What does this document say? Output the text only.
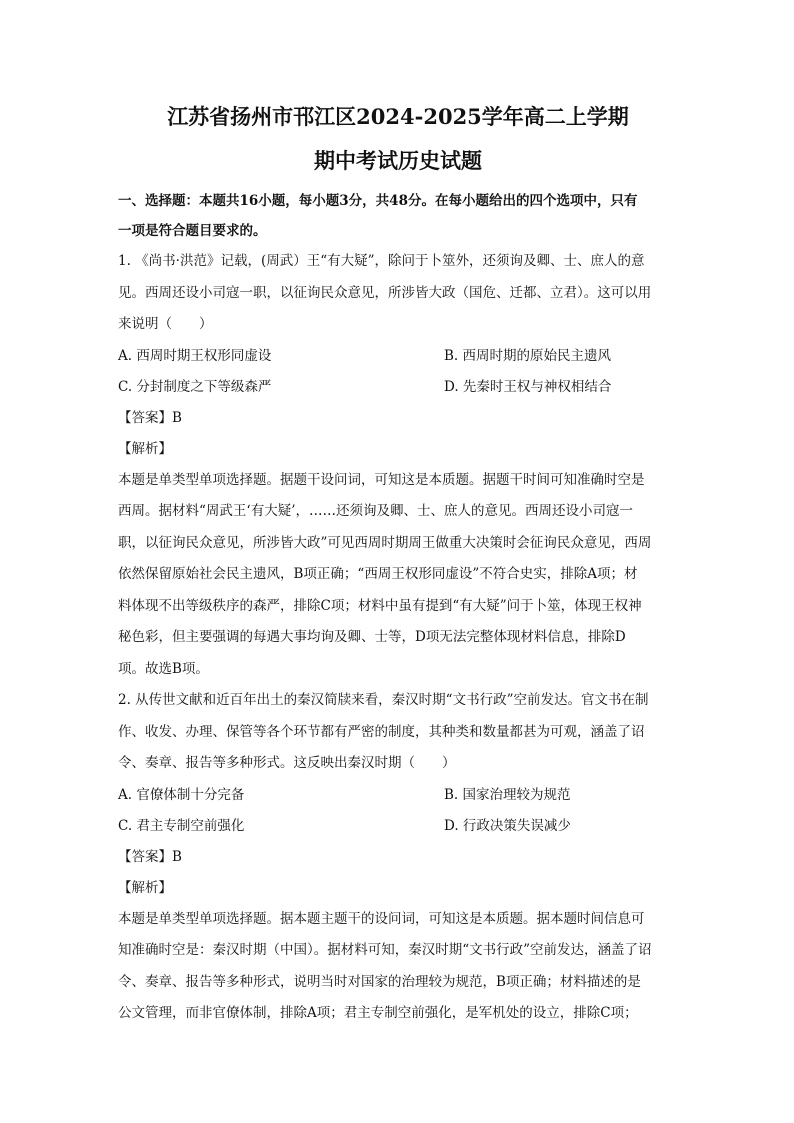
江苏省扬州市邗江区2024-2025学年高二上学期
期中考试历史试题

一、选择题：本题共16小题，每小题3分，共48分。在每小题给出的四个选项中，只有

一项是符合题目要求的。

1. 《尚书·洪范》记载，(周武）王“有大疑”，除问于卜筮外，还须询及卿、士、庶人的意

见。西周还设小司寇一职，以征询民众意见，所涉皆大政（国危、迁都、立君）。这可以用

来说明（　　）

A. 西周时期王权形同虚设	B. 西周时期的原始民主遗风
C. 分封制度之下等级森严	D. 先秦时王权与神权相结合

【答案】B

【解析】

本题是单类型单项选择题。据题干设问词，可知这是本质题。据题干时间可知准确时空是

西周。据材料“周武王‘有大疑’，……还须询及卿、士、庶人的意见。西周还设小司寇一

职，以征询民众意见，所涉皆大政”可见西周时期周王做重大决策时会征询民众意见，西周

依然保留原始社会民主遗风，B项正确；“西周王权形同虚设”不符合史实，排除A项；材

料体现不出等级秩序的森严，排除C项；材料中虽有提到“有大疑”问于卜筮，体现王权神

秘色彩，但主要强调的每遇大事均询及卿、士等，D项无法完整体现材料信息，排除D

项。故选B项。

2. 从传世文献和近百年出土的秦汉简牍来看，秦汉时期“文书行政”空前发达。官文书在制

作、收发、办理、保管等各个环节都有严密的制度，其种类和数量都甚为可观，涵盖了诏

令、奏章、报告等多种形式。这反映出秦汉时期（　　）

A. 官僚体制十分完备	B. 国家治理较为规范
C. 君主专制空前强化	D. 行政决策失误减少

【答案】B

【解析】

本题是单类型单项选择题。据本题主题干的设问词，可知这是本质题。据本题时间信息可

知准确时空是：秦汉时期（中国）。据材料可知，秦汉时期“文书行政”空前发达，涵盖了诏

令、奏章、报告等多种形式，说明当时对国家的治理较为规范，B项正确；材料描述的是

公文管理，而非官僚体制，排除A项；君主专制空前强化，是军机处的设立，排除C项；
